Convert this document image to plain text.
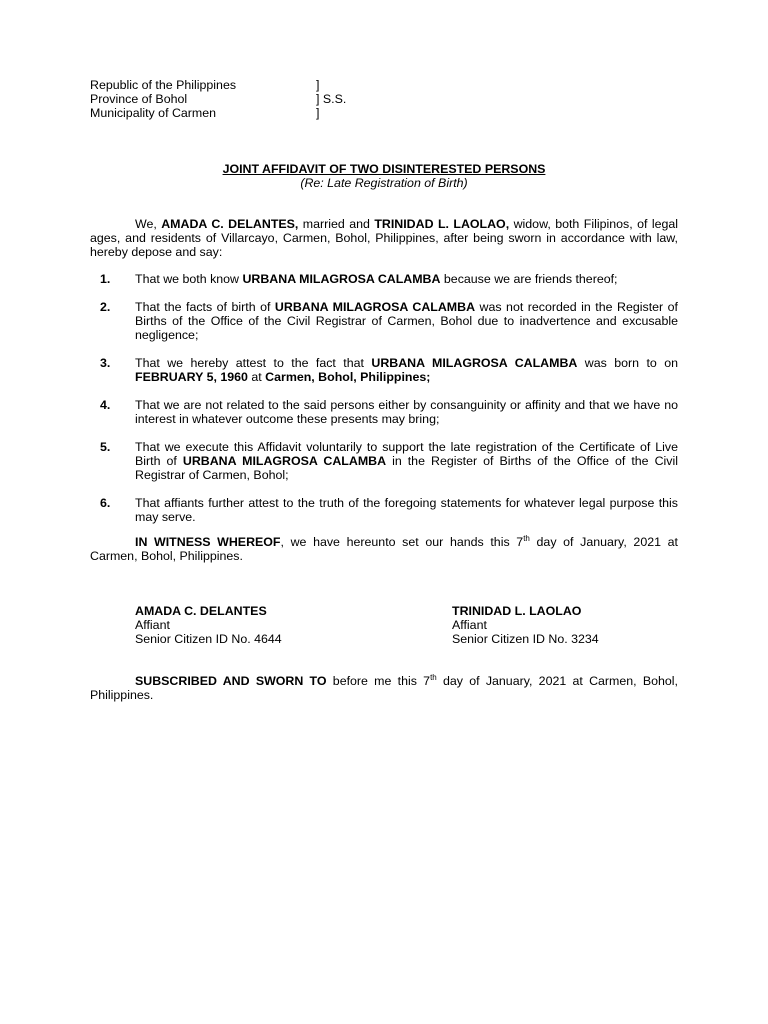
Republic of the Philippines	]
Province of Bohol	] S.S.
Municipality of Carmen	]
JOINT AFFIDAVIT OF TWO DISINTERESTED PERSONS
(Re: Late Registration of Birth)
We, AMADA C. DELANTES, married and TRINIDAD L. LAOLAO, widow, both Filipinos, of legal ages, and residents of Villarcayo, Carmen, Bohol, Philippines, after being sworn in accordance with law, hereby depose and say:
1.	That we both know URBANA MILAGROSA CALAMBA because we are friends thereof;
2.	That the facts of birth of URBANA MILAGROSA CALAMBA was not recorded in the Register of Births of the Office of the Civil Registrar of Carmen, Bohol due to inadvertence and excusable negligence;
3.	That we hereby attest to the fact that URBANA MILAGROSA CALAMBA was born to on FEBRUARY 5, 1960 at Carmen, Bohol, Philippines;
4.	That we are not related to the said persons either by consanguinity or affinity and that we have no interest in whatever outcome these presents may bring;
5.	That we execute this Affidavit voluntarily to support the late registration of the Certificate of Live Birth of URBANA MILAGROSA CALAMBA in the Register of Births of the Office of the Civil Registrar of Carmen, Bohol;
6.	That affiants further attest to the truth of the foregoing statements for whatever legal purpose this may serve.
IN WITNESS WHEREOF, we have hereunto set our hands this 7th day of January, 2021 at Carmen, Bohol, Philippines.
AMADA C. DELANTES
Affiant
Senior Citizen ID No. 4644
TRINIDAD L. LAOLAO
Affiant
Senior Citizen ID No. 3234
SUBSCRIBED AND SWORN TO before me this 7th day of January, 2021 at Carmen, Bohol, Philippines.
